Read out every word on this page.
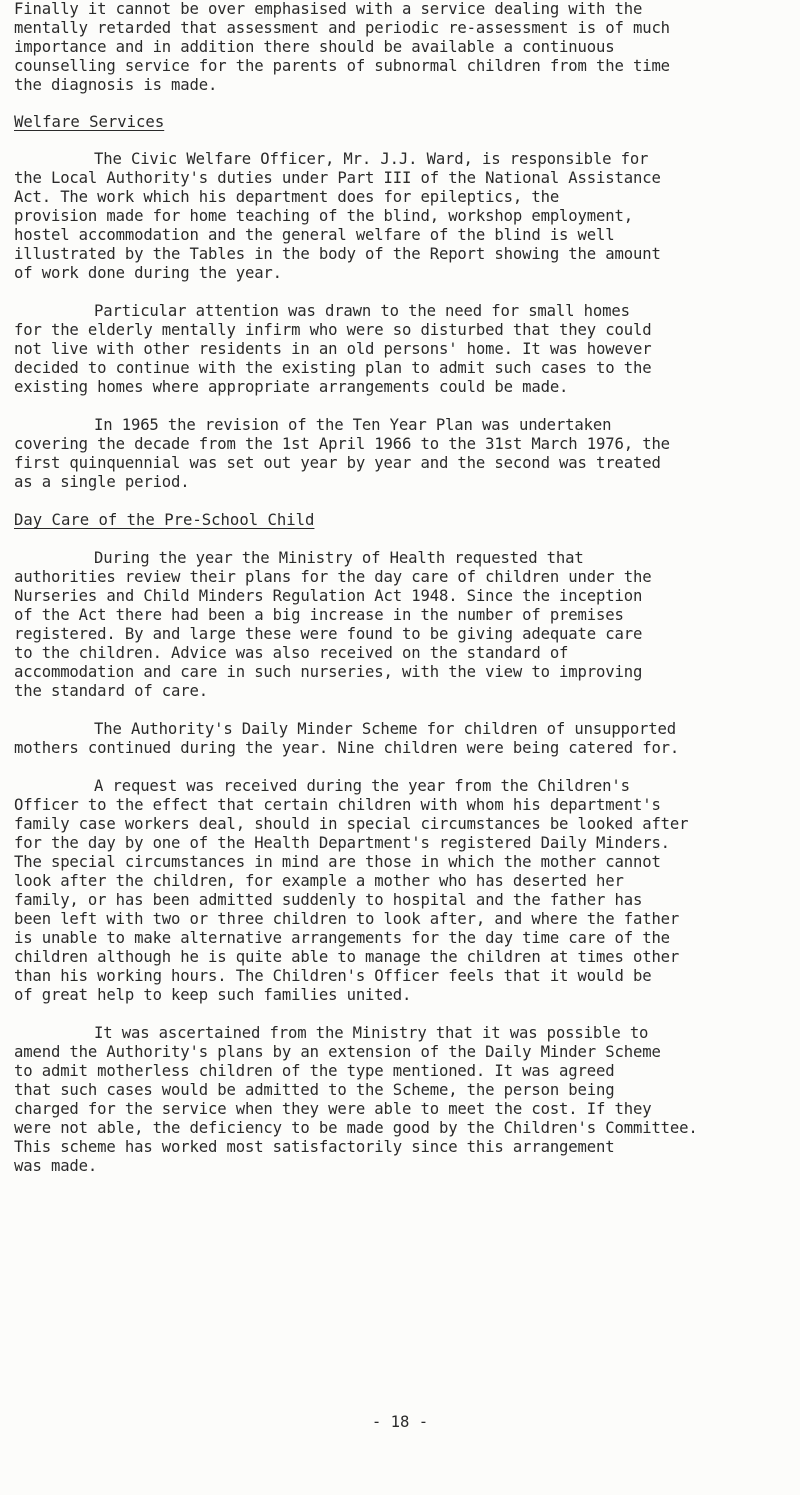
Finally it cannot be over emphasised with a service dealing with the
mentally retarded that assessment and periodic re-assessment is of much
importance and in addition there should be available a continuous
counselling service for the parents of subnormal children from the time
the diagnosis is made.
Welfare Services
The Civic Welfare Officer, Mr. J.J. Ward, is responsible for
the Local Authority's duties under Part III of the National Assistance
Act. The work which his department does for epileptics, the
provision made for home teaching of the blind, workshop employment,
hostel accommodation and the general welfare of the blind is well
illustrated by the Tables in the body of the Report showing the amount
of work done during the year.
Particular attention was drawn to the need for small homes
for the elderly mentally infirm who were so disturbed that they could
not live with other residents in an old persons' home. It was however
decided to continue with the existing plan to admit such cases to the
existing homes where appropriate arrangements could be made.
In 1965 the revision of the Ten Year Plan was undertaken
covering the decade from the 1st April 1966 to the 31st March 1976, the
first quinquennial was set out year by year and the second was treated
as a single period.
Day Care of the Pre-School Child
During the year the Ministry of Health requested that
authorities review their plans for the day care of children under the
Nurseries and Child Minders Regulation Act 1948. Since the inception
of the Act there had been a big increase in the number of premises
registered. By and large these were found to be giving adequate care
to the children. Advice was also received on the standard of
accommodation and care in such nurseries, with the view to improving
the standard of care.
The Authority's Daily Minder Scheme for children of unsupported
mothers continued during the year. Nine children were being catered for.
A request was received during the year from the Children's
Officer to the effect that certain children with whom his department's
family case workers deal, should in special circumstances be looked after
for the day by one of the Health Department's registered Daily Minders.
The special circumstances in mind are those in which the mother cannot
look after the children, for example a mother who has deserted her
family, or has been admitted suddenly to hospital and the father has
been left with two or three children to look after, and where the father
is unable to make alternative arrangements for the day time care of the
children although he is quite able to manage the children at times other
than his working hours. The Children's Officer feels that it would be
of great help to keep such families united.
It was ascertained from the Ministry that it was possible to
amend the Authority's plans by an extension of the Daily Minder Scheme
to admit motherless children of the type mentioned. It was agreed
that such cases would be admitted to the Scheme, the person being
charged for the service when they were able to meet the cost. If they
were not able, the deficiency to be made good by the Children's Committee.
This scheme has worked most satisfactorily since this arrangement
was made.
- 18 -
